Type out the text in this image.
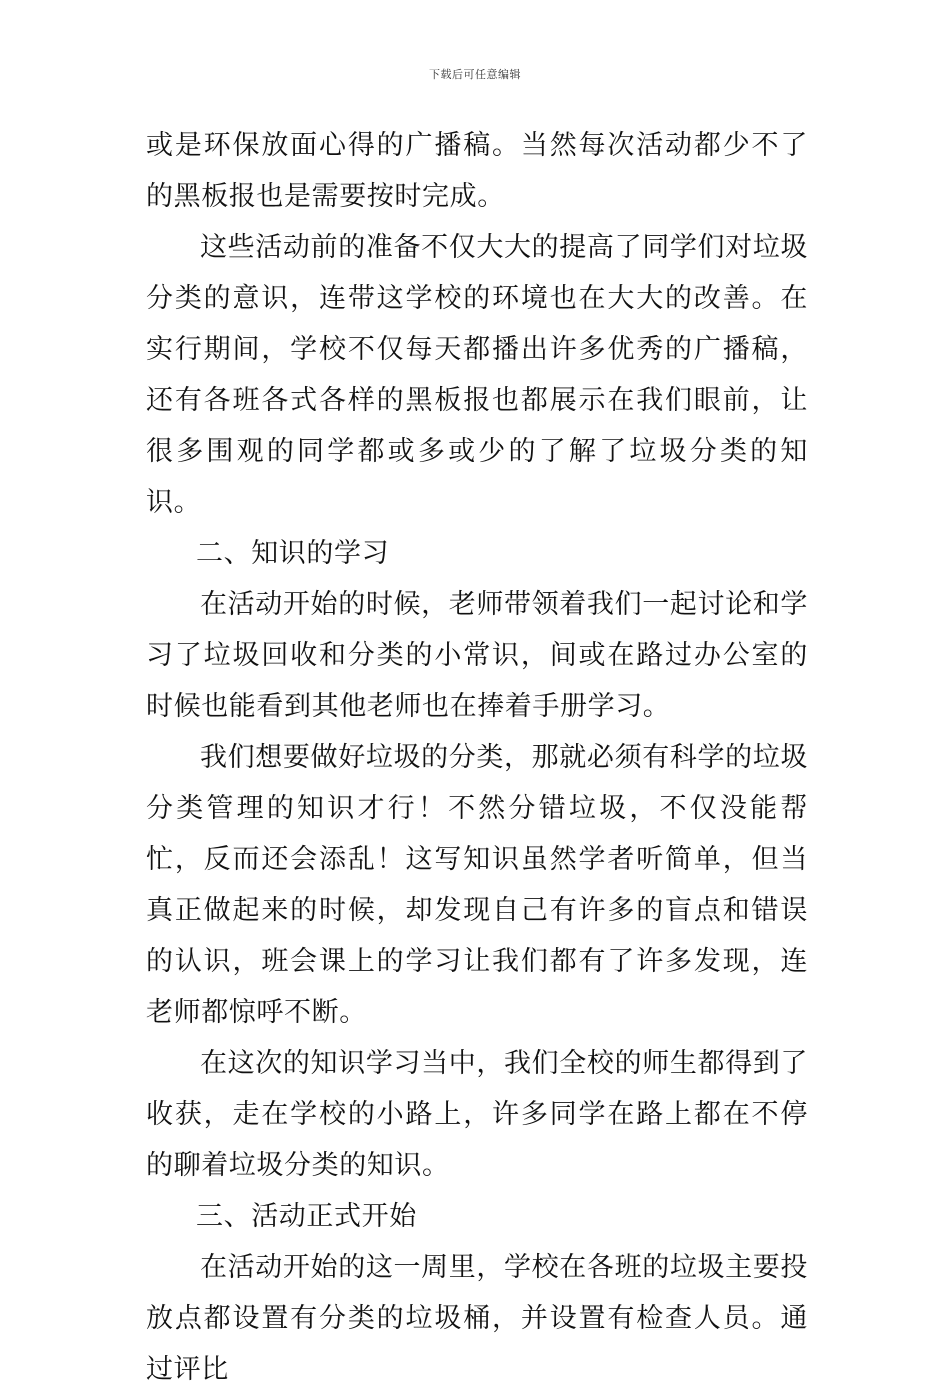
下载后可任意编辑

或是环保放面心得的广播稿。当然每次活动都少不了的黑板报也是需要按时完成。

这些活动前的准备不仅大大的提高了同学们对垃圾分类的意识，连带这学校的环境也在大大的改善。在实行期间，学校不仅每天都播出许多优秀的广播稿，还有各班各式各样的黑板报也都展示在我们眼前，让很多围观的同学都或多或少的了解了垃圾分类的知识。

二、知识的学习

在活动开始的时候，老师带领着我们一起讨论和学习了垃圾回收和分类的小常识，间或在路过办公室的时候也能看到其他老师也在捧着手册学习。

我们想要做好垃圾的分类，那就必须有科学的垃圾分类管理的知识才行！不然分错垃圾，不仅没能帮忙，反而还会添乱！这写知识虽然学者听简单，但当真正做起来的时候，却发现自己有许多的盲点和错误的认识，班会课上的学习让我们都有了许多发现，连老师都惊呼不断。

在这次的知识学习当中，我们全校的师生都得到了收获，走在学校的小路上，许多同学在路上都在不停的聊着垃圾分类的知识。

三、活动正式开始

在活动开始的这一周里，学校在各班的垃圾主要投放点都设置有分类的垃圾桶，并设置有检查人员。通过评比
